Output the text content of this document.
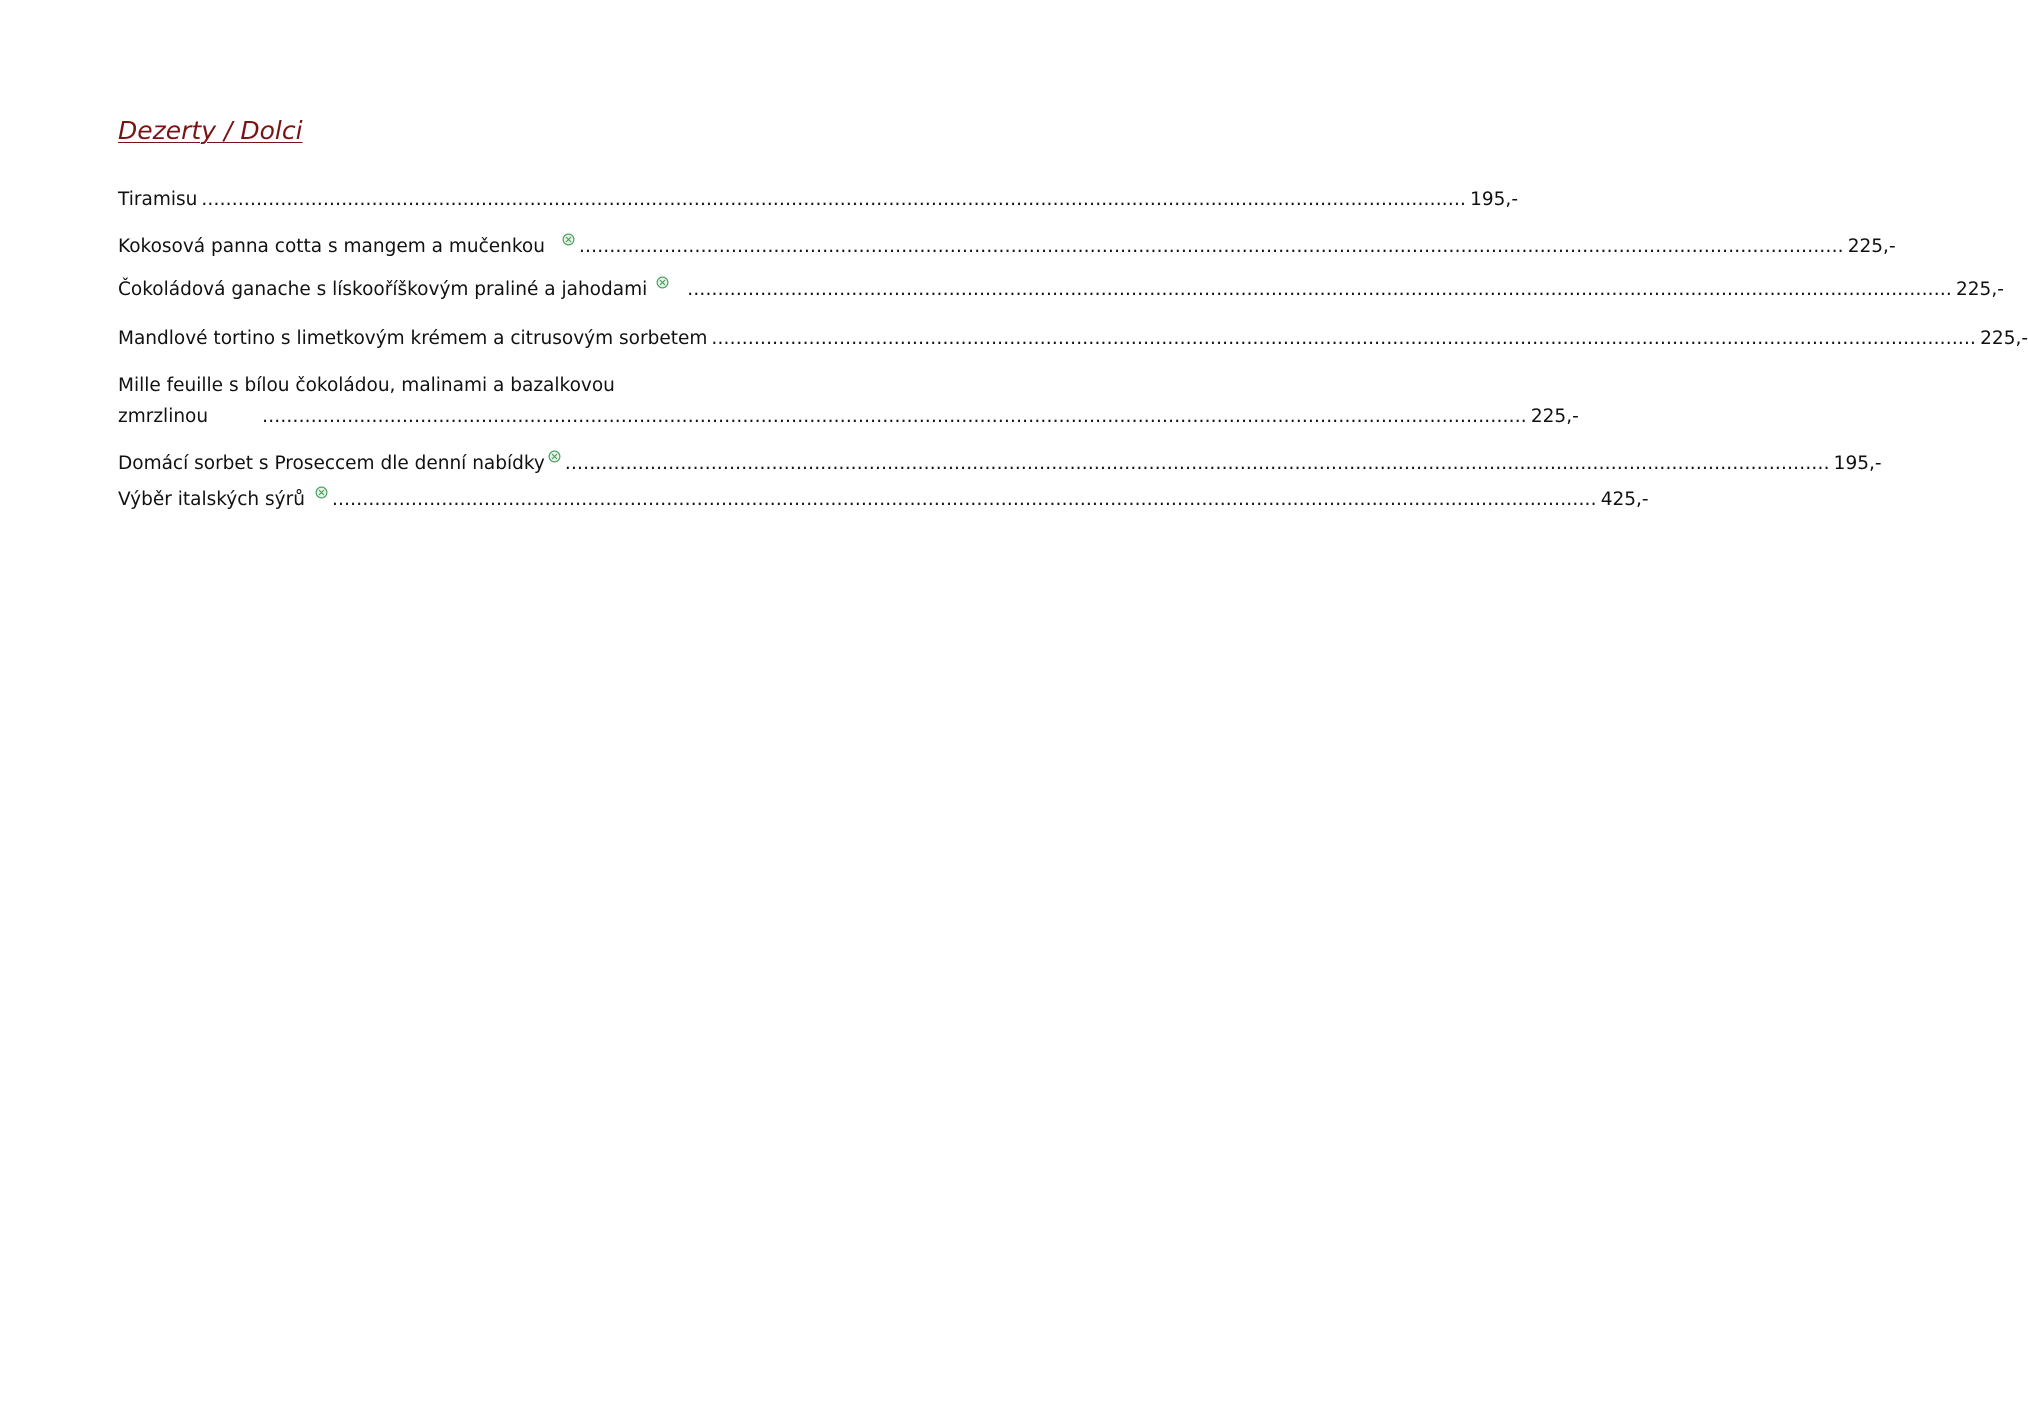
Dezerty / Dolci
Tiramisu ................................................................................................................................................................................................................ 195,-
Kokosová panna cotta s mangem a mučenkou ................................................................................................................................................................................................................ 225,-
Čokoládová ganache s lískooříškovým praliné a jahodami ................................................................................................................................................................................................................ 225,-
Mandlové tortino s limetkovým krémem a citrusovým sorbetem ................................................................................................................................................................................................................ 225,-
Mille feuille s bílou čokoládou, malinami a bazalkovou
zmrzlinou	................................................................................................................................................................................................................ 225,-
Domácí sorbet s Proseccem dle denní nabídky ................................................................................................................................................................................................................ 195,-
Výběr italských sýrů ................................................................................................................................................................................................................ 425,-
